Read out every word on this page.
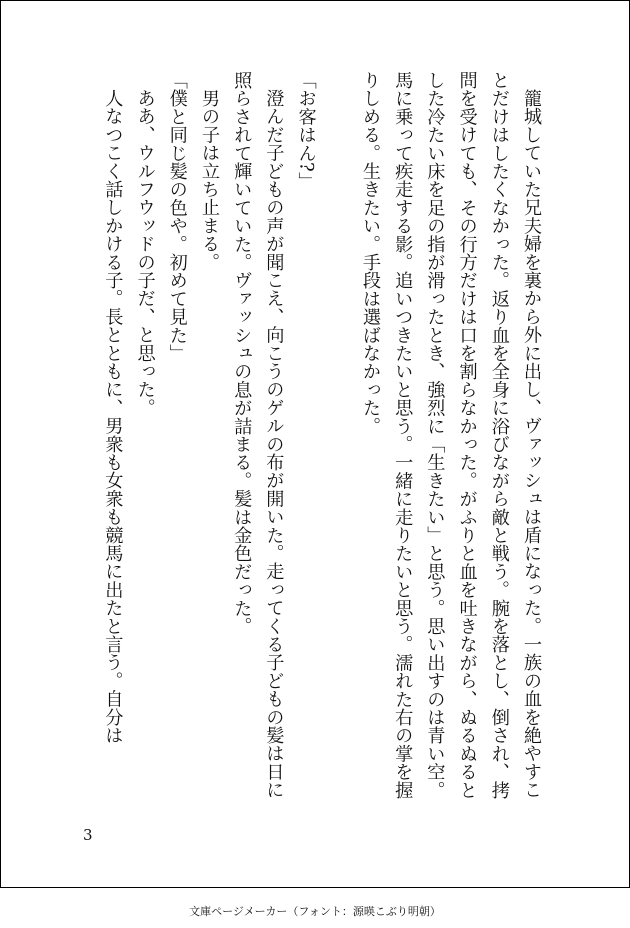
籠城していた兄夫婦を裏から外に出し、ヴァッシュは盾になった。一族の血を絶やすことだけはしたくなかった。返り血を全身に浴びながら敵と戦う。腕を落とし、倒され、拷問を受けても、その行方だけは口を割らなかった。がふりと血を吐きながら、ぬるぬるとした冷たい床を足の指が滑ったとき、強烈に「生きたい」と思う。思い出すのは青い空。馬に乗って疾走する影。追いつきたいと思う。一緒に走りたいと思う。濡れた右の掌を握りしめる。生きたい。手段は選ばなかった。

「お客はん?」

澄んだ子どもの声が聞こえ、向こうのゲルの布が開いた。走ってくる子どもの髪は日に照らされて輝いていた。ヴァッシュの息が詰まる。髪は金色だった。

男の子は立ち止まる。

「僕と同じ髪の色や。初めて見た」

ああ、ウルフウッドの子だ、と思った。

人なつこく話しかける子。長とともに、男衆も女衆も競馬に出たと言う。自分は

3
文庫ページメーカー（フォント：源暎こぶり明朝）
